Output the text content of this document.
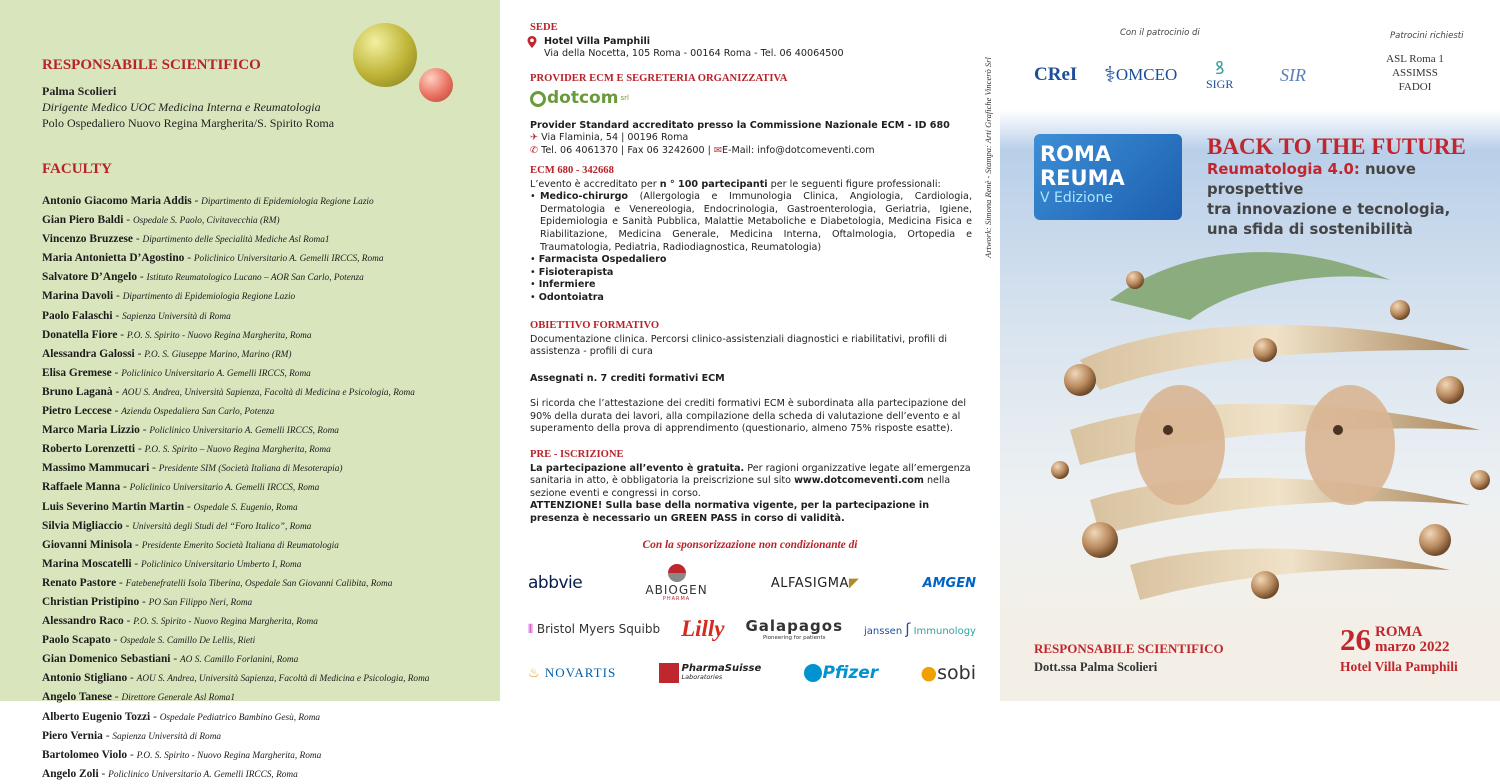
RESPONSABILE SCIENTIFICO
Palma Scolieri
Dirigente Medico UOC Medicina Interna e Reumatologia
Polo Ospedaliero Nuovo Regina Margherita/S. Spirito Roma
FACULTY
Antonio Giacomo Maria Addis - Dipartimento di Epidemiologia Regione Lazio
Gian Piero Baldi - Ospedale S. Paolo, Civitavecchia (RM)
Vincenzo Bruzzese - Dipartimento delle Specialità Mediche Asl Roma1
Maria Antonietta D’Agostino - Policlinico Universitario A. Gemelli IRCCS, Roma
Salvatore D’Angelo - Istituto Reumatologico Lucano – AOR San Carlo, Potenza
Marina Davoli - Dipartimento di Epidemiologia Regione Lazio
Paolo Falaschi - Sapienza Università di Roma
Donatella Fiore - P.O. S. Spirito - Nuovo Regina Margherita, Roma
Alessandra Galossi - P.O. S. Giuseppe Marino, Marino (RM)
Elisa Gremese - Policlinico Universitario A. Gemelli IRCCS, Roma
Bruno Laganà - AOU S. Andrea, Università Sapienza, Facoltà di Medicina e Psicologia, Roma
Pietro Leccese - Azienda Ospedaliera San Carlo, Potenza
Marco Maria Lizzio - Policlinico Universitario A. Gemelli IRCCS, Roma
Roberto Lorenzetti - P.O. S. Spirito – Nuovo Regina Margherita, Roma
Massimo Mammucari - Presidente SIM (Società Italiana di Mesoterapia)
Raffaele Manna - Policlinico Universitario A. Gemelli IRCCS, Roma
Luis Severino Martin Martin - Ospedale S. Eugenio, Roma
Silvia Migliaccio - Università degli Studi del “Foro Italico”, Roma
Giovanni Minisola - Presidente Emerito Società Italiana di Reumatologia
Marina Moscatelli - Policlinico Universitario Umberto I, Roma
Renato Pastore - Fatebenefratelli Isola Tiberina, Ospedale San Giovanni Calibita, Roma
Christian Pristipino - PO San Filippo Neri, Roma
Alessandro Raco - P.O. S. Spirito - Nuovo Regina Margherita, Roma
Paolo Scapato - Ospedale S. Camillo De Lellis, Rieti
Gian Domenico Sebastiani - AO S. Camillo Forlanini, Roma
Antonio Stigliano - AOU S. Andrea, Università Sapienza, Facoltà di Medicina e Psicologia, Roma
Angelo Tanese - Direttore Generale Asl Roma1
Alberto Eugenio Tozzi - Ospedale Pediatrico Bambino Gesù, Roma
Piero Vernia - Sapienza Università di Roma
Bartolomeo Violo - P.O. S. Spirito - Nuovo Regina Margherita, Roma
Angelo Zoli - Policlinico Universitario A. Gemelli IRCCS, Roma
SEDE
Hotel Villa Pamphili
Via della Nocetta, 105 Roma - 00164 Roma - Tel. 06 40064500
PROVIDER ECM E SEGRETERIA ORGANIZZATIVA
dotcom srl
Provider Standard accreditato presso la Commissione Nazionale ECM - ID 680
✈ Via Flaminia, 54 | 00196 Roma
✆ Tel. 06 4061370 | Fax 06 3242600 | ✉E-Mail: info@dotcomeventi.com
ECM 680 - 342668
L’evento è accreditato per n ° 100 partecipanti per le seguenti figure professionali:
• Medico-chirurgo (Allergologia e Immunologia Clinica, Angiologia, Cardiologia, Dermatologia e Venereologia, Endocrinologia, Gastroenterologia, Geriatria, Igiene, Epidemiologia e Sanità Pubblica, Malattie Metaboliche e Diabetologia, Medicina Fisica e Riabilitazione, Medicina Generale, Medicina Interna, Oftalmologia, Ortopedia e Traumatologia, Pediatria, Radiodiagnostica, Reumatologia)
• Farmacista Ospedaliero
• Fisioterapista
• Infermiere
• Odontoiatra
OBIETTIVO FORMATIVO
Documentazione clinica. Percorsi clinico-assistenziali diagnostici e riabilitativi, profili di assistenza - profili di cura
Assegnati n. 7 crediti formativi ECM
Si ricorda che l’attestazione dei crediti formativi ECM è subordinata alla partecipazione del 90% della durata dei lavori, alla compilazione della scheda di valutazione dell’evento e al superamento della prova di apprendimento (questionario, almeno 75% risposte esatte).
PRE - ISCRIZIONE
La partecipazione all’evento è gratuita. Per ragioni organizzative legate all’emergenza sanitaria in atto, è obbligatoria la preiscrizione sul sito www.dotcomeventi.com nella sezione eventi e congressi in corso.
ATTENZIONE! Sulla base della normativa vigente, per la partecipazione in presenza è necessario un GREEN PASS in corso di validità.
Con la sponsorizzazione non condizionante di
abbvie	ABIOGEN
PHARMA
ALFASIGMA◤	AMGEN
⫴ Bristol Myers Squibb Lilly Galapagos
Pioneering for patients
janssen ʃ Immunology
♨ NOVARTIS	PharmaSuisse
Laboratories	Pfizer ●sobi
Artwork: Simona Renè - Stampa: Arti Grafiche Vincerò Srl
Con il patrocinio di	Patrocini richiesti
CReI ⚕ OMCEO ꝸ
SIGR	SIR
ASL Roma 1
ASSIMSS
FADOI
ROMA
REUMA
V Edizione
BACK TO THE FUTURE
Reumatologia 4.0: nuove prospettive
tra innovazione e tecnologia,
una sfida di sostenibilità
RESPONSABILE SCIENTIFICO
Dott.ssa Palma Scolieri
26 ROMA
marzo 2022
Hotel Villa Pamphili
